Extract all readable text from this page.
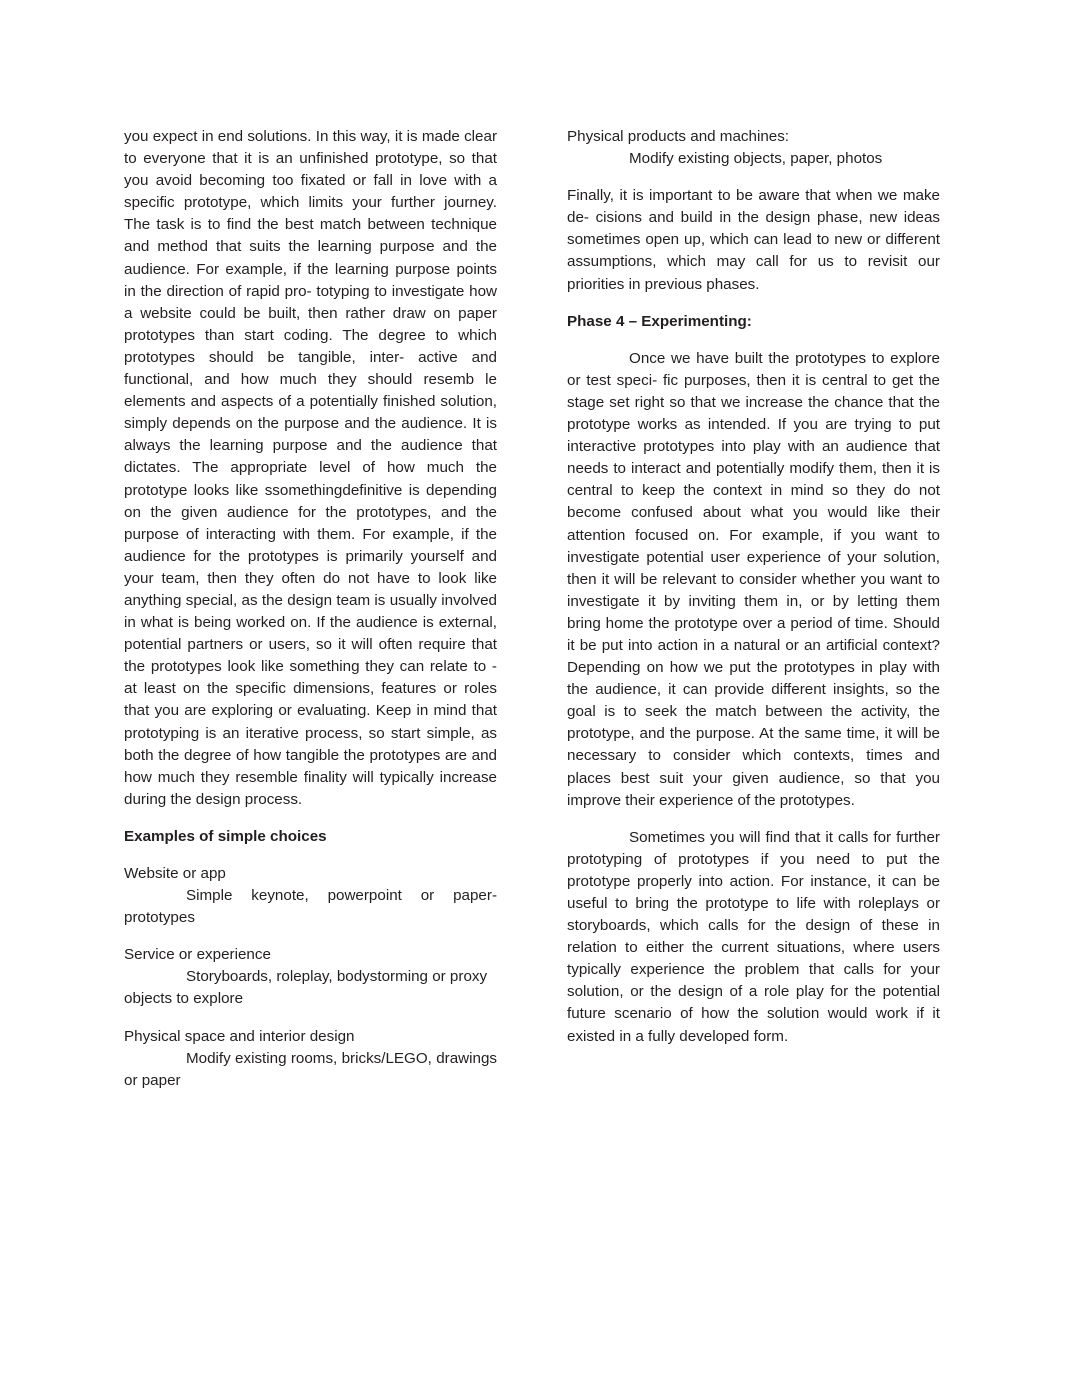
you expect in end solutions. In this way, it is made clear to everyone that it is an unfinished prototype, so that you avoid becoming too fixated or fall in love with a specific prototype, which limits your further journey. The task is to find the best match between technique and method that suits the learning purpose and the audience. For example, if the learning purpose points in the direction of rapid pro- totyping to investigate how a website could be built, then rather draw on paper prototypes than start coding. The degree to which prototypes should be tangible, inter- active and functional, and how much they should resemb le elements and aspects of a potentially finished solution, simply depends on the purpose and the audience. It is always the learning purpose and the audience that dictates. The appropriate level of how much the prototype looks like ssomethingdefinitive is depending on the given audience for the prototypes, and the purpose of interacting with them. For example, if the audience for the prototypes is primarily yourself and your team, then they often do not have to look like anything special, as the design team is usually involved in what is being worked on. If the audience is external, potential partners or users, so it will often require that the prototypes look like something they can relate to - at least on the specific dimensions, features or roles that you are exploring or evaluating. Keep in mind that prototyping is an iterative process, so start simple, as both the degree of how tangible the prototypes are and how much they resemble finality will typically increase during the design process.

Examples of simple choices

Website or app

Simple keynote, powerpoint or paper-prototypes

Service or experience

Storyboards, roleplay, bodystorming or proxy objects to explore

Physical space and interior design

Modify existing rooms, bricks/LEGO, drawings or paper

Physical products and machines:

Modify existing objects, paper, photos

Finally, it is important to be aware that when we make de- cisions and build in the design phase, new ideas sometimes open up, which can lead to new or different assumptions, which may call for us to revisit our priorities in previous phases.

Phase 4 – Experimenting:

Once we have built the prototypes to explore or test speci- fic purposes, then it is central to get the stage set right so that we increase the chance that the prototype works as intended. If you are trying to put interactive prototypes into play with an audience that needs to interact and potentially modify them, then it is central to keep the context in mind so they do not become confused about what you would like their attention focused on. For example, if you want to investigate potential user experience of your solution, then it will be relevant to consider whether you want to investigate it by inviting them in, or by letting them bring home the prototype over a period of time. Should it be put into action in a natural or an artificial context? Depending on how we put the prototypes in play with the audience, it can provide different insights, so the goal is to seek the match between the activity, the prototype, and the purpose. At the same time, it will be necessary to consider which contexts, times and places best suit your given audience, so that you improve their experience of the prototypes.

Sometimes you will find that it calls for further prototyping of prototypes if you need to put the prototype properly into action. For instance, it can be useful to bring the prototype to life with roleplays or storyboards, which calls for the design of these in relation to either the current situations, where users typically experience the problem that calls for your solution, or the design of a role play for the potential future scenario of how the solution would work if it existed in a fully developed form.
